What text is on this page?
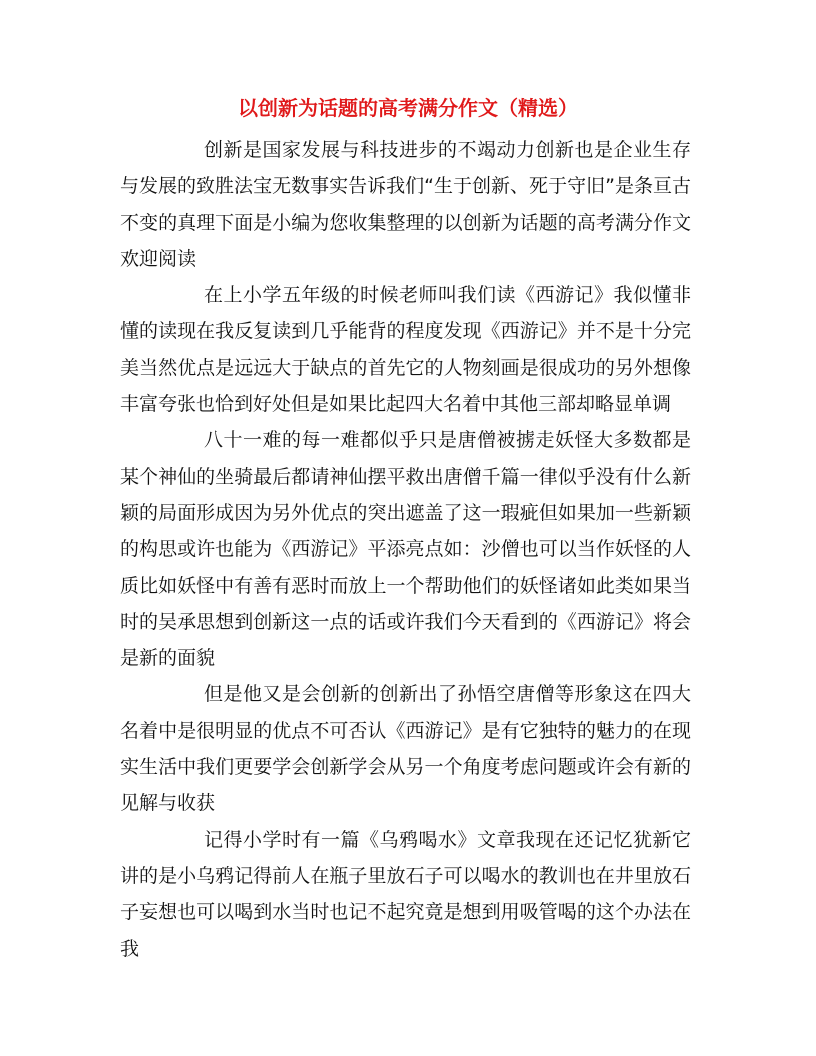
以创新为话题的高考满分作文（精选）

创新是国家发展与科技进步的不竭动力创新也是企业生存与发展的致胜法宝无数事实告诉我们“生于创新、死于守旧”是条亘古不变的真理下面是小编为您收集整理的以创新为话题的高考满分作文欢迎阅读

在上小学五年级的时候老师叫我们读《西游记》我似懂非懂的读现在我反复读到几乎能背的程度发现《西游记》并不是十分完美当然优点是远远大于缺点的首先它的人物刻画是很成功的另外想像丰富夸张也恰到好处但是如果比起四大名着中其他三部却略显单调

八十一难的每一难都似乎只是唐僧被掳走妖怪大多数都是某个神仙的坐骑最后都请神仙摆平救出唐僧千篇一律似乎没有什么新颖的局面形成因为另外优点的突出遮盖了这一瑕疵但如果加一些新颖的构思或许也能为《西游记》平添亮点如：沙僧也可以当作妖怪的人质比如妖怪中有善有恶时而放上一个帮助他们的妖怪诸如此类如果当时的吴承思想到创新这一点的话或许我们今天看到的《西游记》将会是新的面貌

但是他又是会创新的创新出了孙悟空唐僧等形象这在四大名着中是很明显的优点不可否认《西游记》是有它独特的魅力的在现实生活中我们更要学会创新学会从另一个角度考虑问题或许会有新的见解与收获

记得小学时有一篇《乌鸦喝水》文章我现在还记忆犹新它讲的是小乌鸦记得前人在瓶子里放石子可以喝水的教训也在井里放石子妄想也可以喝到水当时也记不起究竟是想到用吸管喝的这个办法在我
